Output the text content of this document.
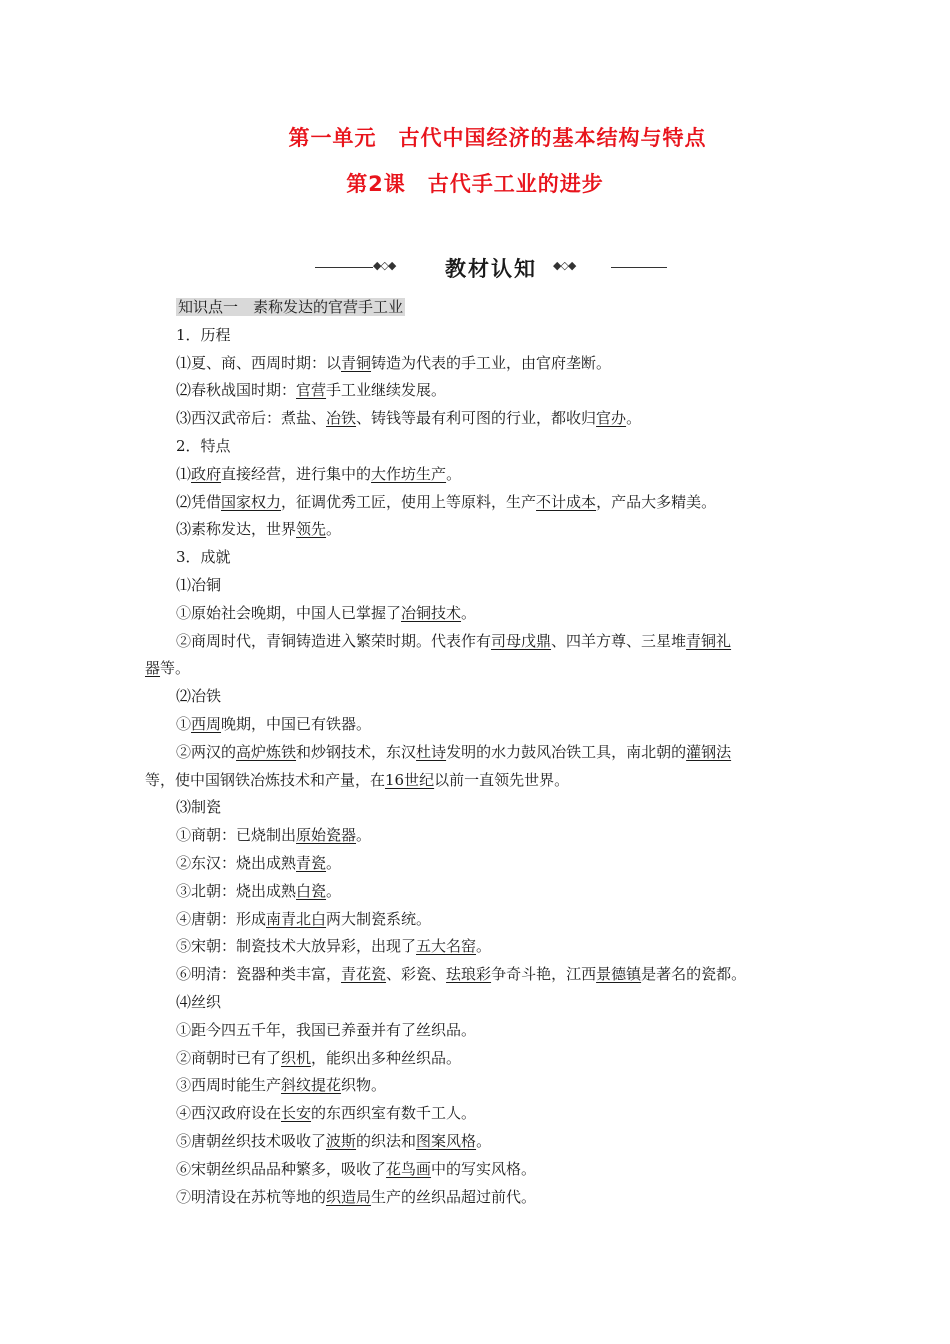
第一单元　古代中国经济的基本结构与特点
第2课　古代手工业的进步
◆◇◆	教材认知	◆◇◆
知识点一　素称发达的官营手工业
1．历程
⑴夏、商、西周时期：以青铜铸造为代表的手工业，由官府垄断。
⑵春秋战国时期：官营手工业继续发展。
⑶西汉武帝后：煮盐、冶铁、铸钱等最有利可图的行业，都收归官办。
2．特点
⑴政府直接经营，进行集中的大作坊生产。
⑵凭借国家权力，征调优秀工匠，使用上等原料，生产不计成本，产品大多精美。
⑶素称发达，世界领先。
3．成就
⑴冶铜
①原始社会晚期，中国人已掌握了冶铜技术。
②商周时代，青铜铸造进入繁荣时期。代表作有司母戊鼎、四羊方尊、三星堆青铜礼
器等。
⑵冶铁
①西周晚期，中国已有铁器。
②两汉的高炉炼铁和炒钢技术，东汉杜诗发明的水力鼓风冶铁工具，南北朝的灌钢法
等，使中国钢铁冶炼技术和产量，在16世纪以前一直领先世界。
⑶制瓷
①商朝：已烧制出原始瓷器。
②东汉：烧出成熟青瓷。
③北朝：烧出成熟白瓷。
④唐朝：形成南青北白两大制瓷系统。
⑤宋朝：制瓷技术大放异彩，出现了五大名窑。
⑥明清：瓷器种类丰富，青花瓷、彩瓷、珐琅彩争奇斗艳，江西景德镇是著名的瓷都。
⑷丝织
①距今四五千年，我国已养蚕并有了丝织品。
②商朝时已有了织机，能织出多种丝织品。
③西周时能生产斜纹提花织物。
④西汉政府设在长安的东西织室有数千工人。
⑤唐朝丝织技术吸收了波斯的织法和图案风格。
⑥宋朝丝织品品种繁多，吸收了花鸟画中的写实风格。
⑦明清设在苏杭等地的织造局生产的丝织品超过前代。
